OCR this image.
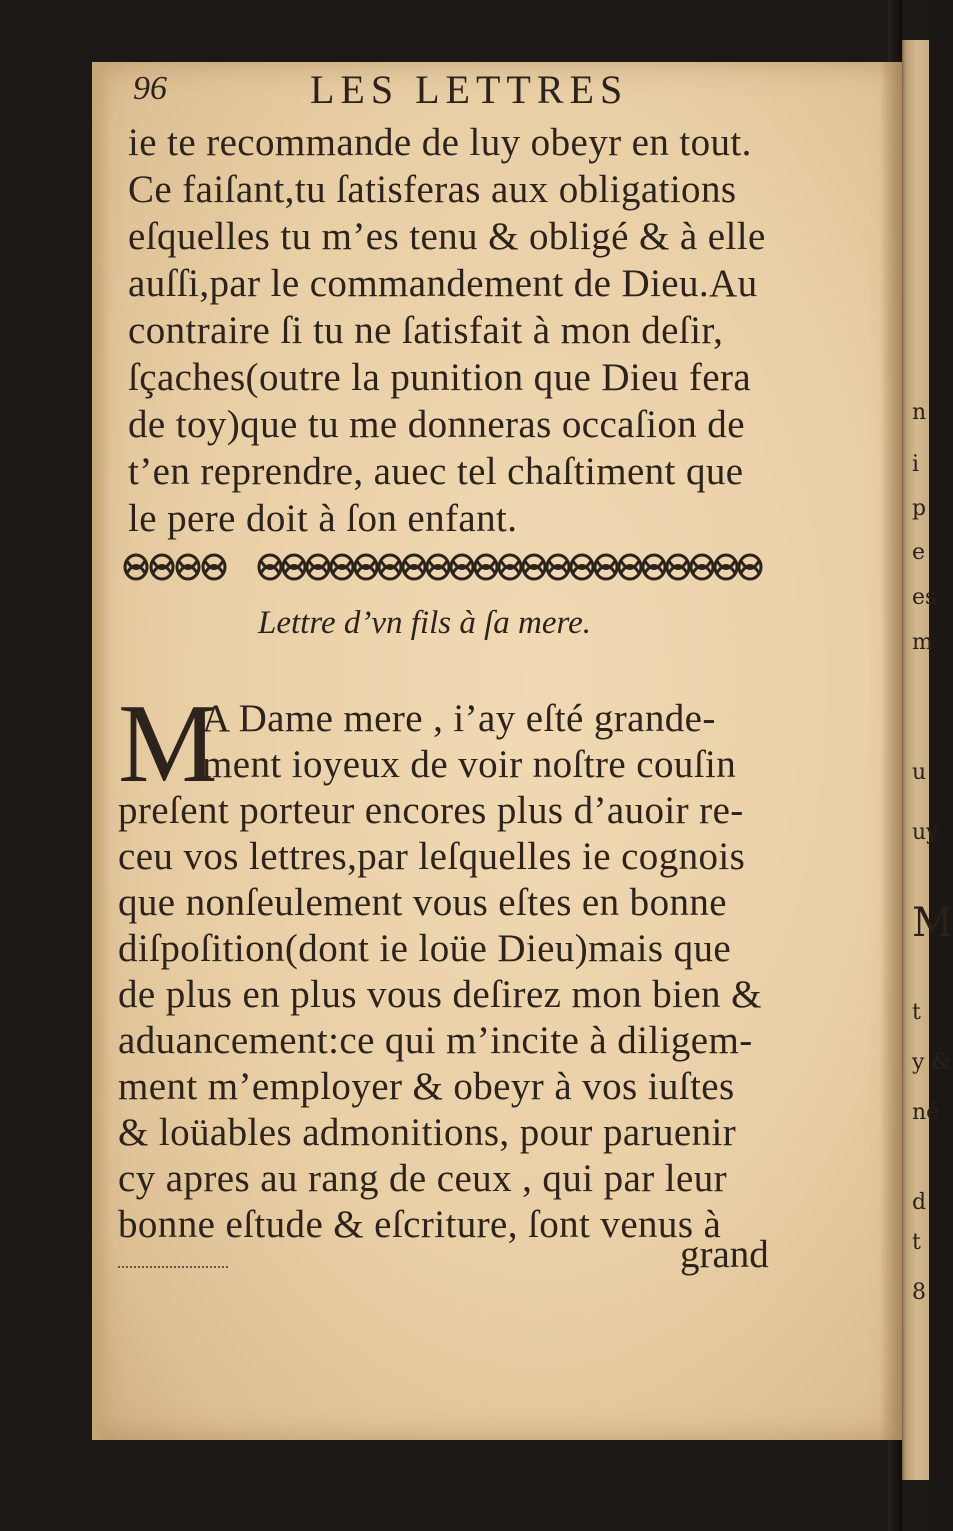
n
i
p
e
es
m
u
uy
M
t
y &
né
d
t
8
96	LES LETTRES
ie te recommande de luy obeyr en tout.
Ce faiſant,tu ſatisferas aux obligations
eſquelles tu m’es tenu & obligé & à elle
auſſi,par le commandement de Dieu.Au
contraire ſi tu ne ſatisfait à mon deſir,
ſçaches(outre la punition que Dieu fera
de toy)que tu me donneras occaſion de
t’en reprendre, auec tel chaſtiment que
le pere doit à ſon enfant.
Lettre d’vn fils à ſa mere.
M
A Dame mere , i’ay eſté grande-
ment ioyeux de voir noſtre couſin
preſent porteur encores plus d’auoir re-
ceu vos lettres,par leſquelles ie cognois
que nonſeulement vous eſtes en bonne
diſpoſition(dont ie loüe Dieu)mais que
de plus en plus vous deſirez mon bien &
aduancement:ce qui m’incite à diligem-
ment m’employer & obeyr à vos iuſtes
& loüables admonitions, pour paruenir
cy apres au rang de ceux , qui par leur
bonne eſtude & eſcriture, ſont venus à
grand
